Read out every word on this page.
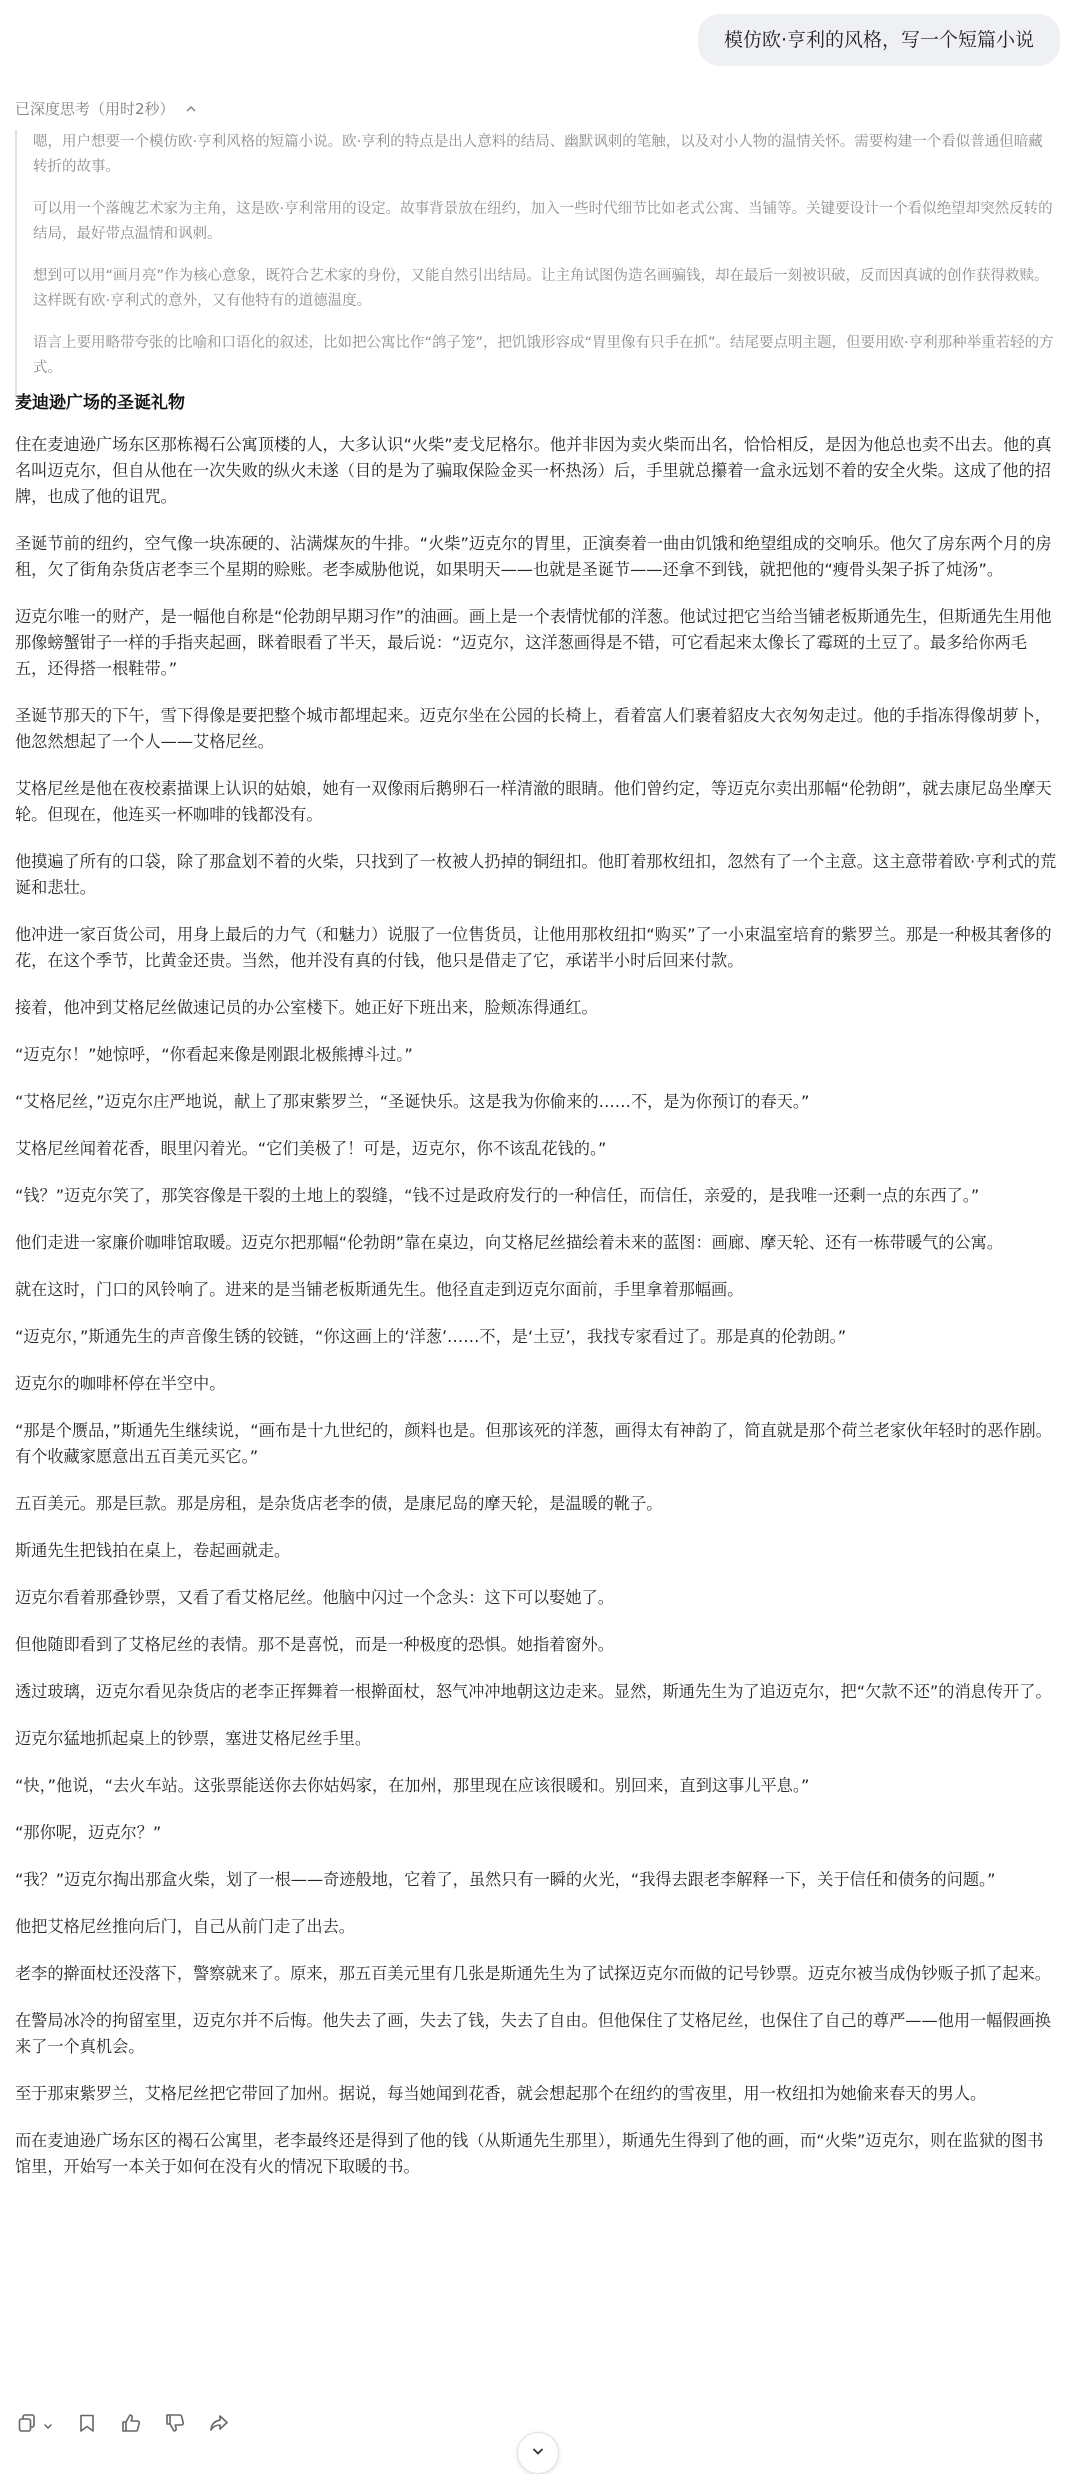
模仿欧·亨利的风格，写一个短篇小说
已深度思考（用时2秒）

嗯，用户想要一个模仿欧·亨利风格的短篇小说。欧·亨利的特点是出人意料的结局、幽默讽刺的笔触，以及对小人物的温情关怀。需要构建一个看似普通但暗藏转折的故事。

可以用一个落魄艺术家为主角，这是欧·亨利常用的设定。故事背景放在纽约，加入一些时代细节比如老式公寓、当铺等。关键要设计一个看似绝望却突然反转的结局，最好带点温情和讽刺。

想到可以用“画月亮”作为核心意象，既符合艺术家的身份，又能自然引出结局。让主角试图伪造名画骗钱，却在最后一刻被识破，反而因真诚的创作获得救赎。这样既有欧·亨利式的意外，又有他特有的道德温度。

语言上要用略带夸张的比喻和口语化的叙述，比如把公寓比作“鸽子笼”，把饥饿形容成“胃里像有只手在抓”。结尾要点明主题，但要用欧·亨利那种举重若轻的方式。

麦迪逊广场的圣诞礼物

住在麦迪逊广场东区那栋褐石公寓顶楼的人，大多认识“火柴”麦戈尼格尔。他并非因为卖火柴而出名，恰恰相反，是因为他总也卖不出去。他的真名叫迈克尔，但自从他在一次失败的纵火未遂（目的是为了骗取保险金买一杯热汤）后，手里就总攥着一盒永远划不着的安全火柴。这成了他的招牌，也成了他的诅咒。

圣诞节前的纽约，空气像一块冻硬的、沾满煤灰的牛排。“火柴”迈克尔的胃里，正演奏着一曲由饥饿和绝望组成的交响乐。他欠了房东两个月的房租，欠了街角杂货店老李三个星期的赊账。老李威胁他说，如果明天——也就是圣诞节——还拿不到钱，就把他的“瘦骨头架子拆了炖汤”。

迈克尔唯一的财产，是一幅他自称是“伦勃朗早期习作”的油画。画上是一个表情忧郁的洋葱。他试过把它当给当铺老板斯通先生，但斯通先生用他那像螃蟹钳子一样的手指夹起画，眯着眼看了半天，最后说：“迈克尔，这洋葱画得是不错，可它看起来太像长了霉斑的土豆了。最多给你两毛五，还得搭一根鞋带。”

圣诞节那天的下午，雪下得像是要把整个城市都埋起来。迈克尔坐在公园的长椅上，看着富人们裹着貂皮大衣匆匆走过。他的手指冻得像胡萝卜，他忽然想起了一个人——艾格尼丝。

艾格尼丝是他在夜校素描课上认识的姑娘，她有一双像雨后鹅卵石一样清澈的眼睛。他们曾约定，等迈克尔卖出那幅“伦勃朗”，就去康尼岛坐摩天轮。但现在，他连买一杯咖啡的钱都没有。

他摸遍了所有的口袋，除了那盒划不着的火柴，只找到了一枚被人扔掉的铜纽扣。他盯着那枚纽扣，忽然有了一个主意。这主意带着欧·亨利式的荒诞和悲壮。

他冲进一家百货公司，用身上最后的力气（和魅力）说服了一位售货员，让他用那枚纽扣“购买”了一小束温室培育的紫罗兰。那是一种极其奢侈的花，在这个季节，比黄金还贵。当然，他并没有真的付钱，他只是借走了它，承诺半小时后回来付款。

接着，他冲到艾格尼丝做速记员的办公室楼下。她正好下班出来，脸颊冻得通红。

“迈克尔！”她惊呼，“你看起来像是刚跟北极熊搏斗过。”

“艾格尼丝，”迈克尔庄严地说，献上了那束紫罗兰，“圣诞快乐。这是我为你偷来的……不，是为你预订的春天。”

艾格尼丝闻着花香，眼里闪着光。“它们美极了！可是，迈克尔，你不该乱花钱的。”

“钱？”迈克尔笑了，那笑容像是干裂的土地上的裂缝，“钱不过是政府发行的一种信任，而信任，亲爱的，是我唯一还剩一点的东西了。”

他们走进一家廉价咖啡馆取暖。迈克尔把那幅“伦勃朗”靠在桌边，向艾格尼丝描绘着未来的蓝图：画廊、摩天轮、还有一栋带暖气的公寓。

就在这时，门口的风铃响了。进来的是当铺老板斯通先生。他径直走到迈克尔面前，手里拿着那幅画。

“迈克尔，”斯通先生的声音像生锈的铰链，“你这画上的‘洋葱’……不，是‘土豆’，我找专家看过了。那是真的伦勃朗。”

迈克尔的咖啡杯停在半空中。

“那是个赝品，”斯通先生继续说，“画布是十九世纪的，颜料也是。但那该死的洋葱，画得太有神韵了，简直就是那个荷兰老家伙年轻时的恶作剧。有个收藏家愿意出五百美元买它。”

五百美元。那是巨款。那是房租，是杂货店老李的债，是康尼岛的摩天轮，是温暖的靴子。

斯通先生把钱拍在桌上，卷起画就走。

迈克尔看着那叠钞票，又看了看艾格尼丝。他脑中闪过一个念头：这下可以娶她了。

但他随即看到了艾格尼丝的表情。那不是喜悦，而是一种极度的恐惧。她指着窗外。

透过玻璃，迈克尔看见杂货店的老李正挥舞着一根擀面杖，怒气冲冲地朝这边走来。显然，斯通先生为了追迈克尔，把“欠款不还”的消息传开了。

迈克尔猛地抓起桌上的钞票，塞进艾格尼丝手里。

“快，”他说，“去火车站。这张票能送你去你姑妈家，在加州，那里现在应该很暖和。别回来，直到这事儿平息。”

“那你呢，迈克尔？”

“我？”迈克尔掏出那盒火柴，划了一根——奇迹般地，它着了，虽然只有一瞬的火光，“我得去跟老李解释一下，关于信任和债务的问题。”

他把艾格尼丝推向后门，自己从前门走了出去。

老李的擀面杖还没落下，警察就来了。原来，那五百美元里有几张是斯通先生为了试探迈克尔而做的记号钞票。迈克尔被当成伪钞贩子抓了起来。

在警局冰冷的拘留室里，迈克尔并不后悔。他失去了画，失去了钱，失去了自由。但他保住了艾格尼丝，也保住了自己的尊严——他用一幅假画换来了一个真机会。

至于那束紫罗兰，艾格尼丝把它带回了加州。据说，每当她闻到花香，就会想起那个在纽约的雪夜里，用一枚纽扣为她偷来春天的男人。

而在麦迪逊广场东区的褐石公寓里，老李最终还是得到了他的钱（从斯通先生那里），斯通先生得到了他的画，而“火柴”迈克尔，则在监狱的图书馆里，开始写一本关于如何在没有火的情况下取暖的书。
